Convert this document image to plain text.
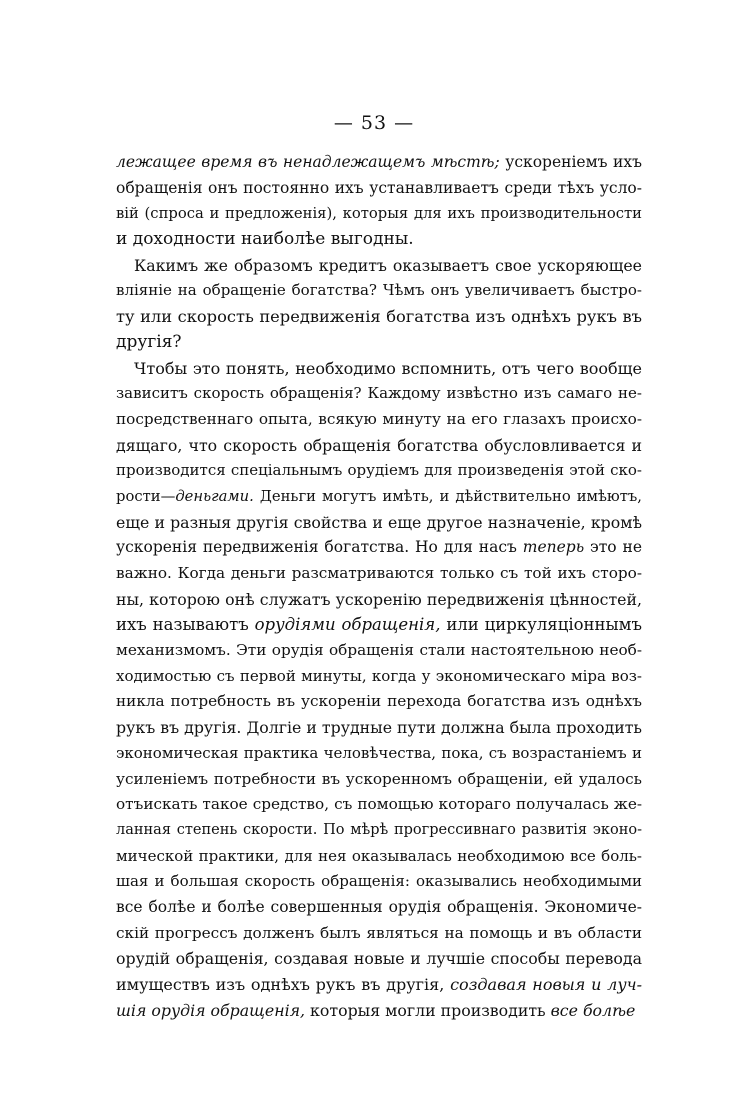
— 53 —
лежащее время въ ненадлежащемъ мѣстѣ; ускореніемъ ихъ
обращенія онъ постоянно ихъ устанавливаетъ среди тѣхъ усло-
вій (спроса и предложенія), которыя для ихъ производительности
и доходности наиболѣе выгодны.
Какимъ же образомъ кредитъ оказываетъ свое ускоряющее
вліяніе на обращеніе богатства? Чѣмъ онъ увеличиваетъ быстро-
ту или скорость передвиженія богатства изъ однѣхъ рукъ въ
другія?
Чтобы это понять, необходимо вспомнить, отъ чего вообще
зависитъ скорость обращенія? Каждому извѣстно изъ самаго не-
посредственнаго опыта, всякую минуту на его глазахъ происхо-
дящаго, что скорость обращенія богатства обусловливается и
производится спеціальнымъ орудіемъ для произведенія этой ско-
рости—деньгами. Деньги могутъ имѣть, и дѣйствительно имѣютъ,
еще и разныя другія свойства и еще другое назначеніе, кромѣ
ускоренія передвиженія богатства. Но для насъ теперь это не
важно. Когда деньги разсматриваются только съ той ихъ сторо-
ны, которою онѣ служатъ ускоренію передвиженія цѣнностей,
ихъ называютъ орудіями обращенія, или циркуляціоннымъ
механизмомъ. Эти орудія обращенія стали настоятельною необ-
ходимостью съ первой минуты, когда у экономическаго міра воз-
никла потребность въ ускореніи перехода богатства изъ однѣхъ
рукъ въ другія. Долгіе и трудные пути должна была проходить
экономическая практика человѣчества, пока, съ возрастаніемъ и
усиленіемъ потребности въ ускоренномъ обращеніи, ей удалось
отъискать такое средство, съ помощью котораго получалась же-
ланная степень скорости. По мѣрѣ прогрессивнаго развитія эконо-
мической практики, для нея оказывалась необходимою все боль-
шая и большая скорость обращенія: оказывались необходимыми
все болѣе и болѣе совершенныя орудія обращенія. Экономиче-
скій прогрессъ долженъ былъ являться на помощь и въ области
орудій обращенія, создавая новые и лучшіе способы перевода
имуществъ изъ однѣхъ рукъ въ другія, создавая новыя и луч-
шія орудія обращенія, которыя могли производить все болѣе
